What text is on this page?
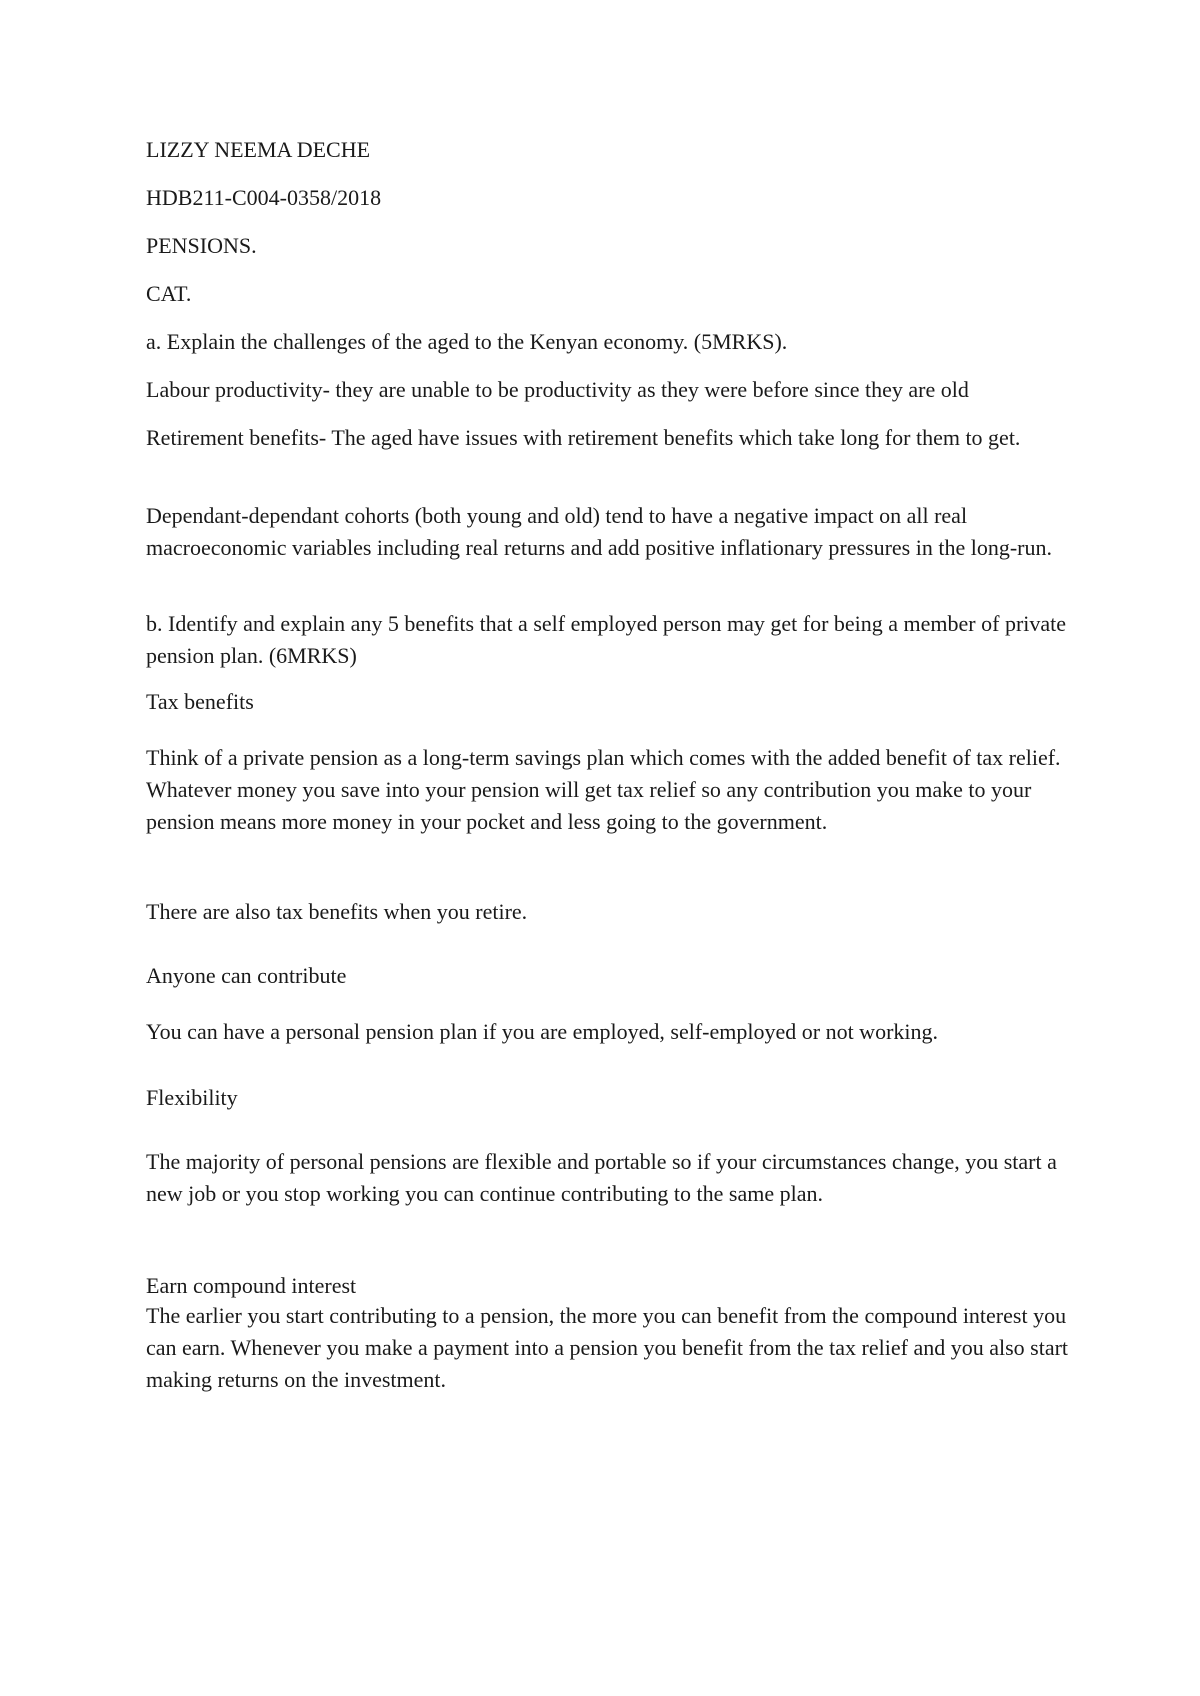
LIZZY NEEMA DECHE

HDB211-C004-0358/2018

PENSIONS.

CAT.

a. Explain the challenges of the aged to the Kenyan economy. (5MRKS).

Labour productivity- they are unable to be productivity as they were before since they are old

Retirement benefits- The aged have issues with retirement benefits which take long for them to get.

Dependant-dependant cohorts (both young and old) tend to have a negative impact on all real macroeconomic variables including real returns and add positive inflationary pressures in the long-run.

b. Identify and explain any 5 benefits that a self employed person may get for being a member of private pension plan. (6MRKS)

Tax benefits

Think of a private pension as a long-term savings plan which comes with the added benefit of tax relief. Whatever money you save into your pension will get tax relief so any contribution you make to your pension means more money in your pocket and less going to the government.

There are also tax benefits when you retire.

Anyone can contribute

You can have a personal pension plan if you are employed, self-employed or not working.

Flexibility

The majority of personal pensions are flexible and portable so if your circumstances change, you start a new job or you stop working you can continue contributing to the same plan.

Earn compound interest

The earlier you start contributing to a pension, the more you can benefit from the compound interest you can earn. Whenever you make a payment into a pension you benefit from the tax relief and you also start making returns on the investment.
